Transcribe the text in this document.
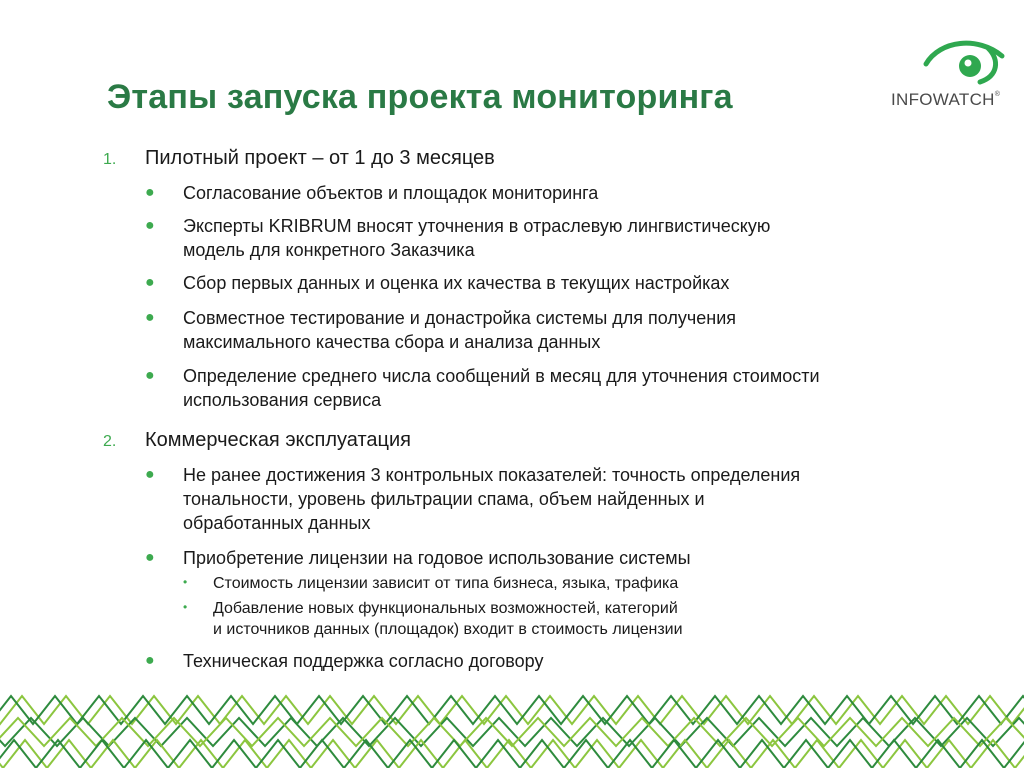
Этапы запуска проекта мониторинга	INFOWATCH®
1. Пилотный проект – от 1 до 3 месяцев
● Согласование объектов и площадок мониторинга
● Эксперты KRIBRUM вносят уточнения в отраслевую лингвистическую
модель для конкретного Заказчика
● Сбор первых данных и оценка их качества в текущих настройках
● Совместное тестирование и донастройка системы для получения
максимального качества сбора и анализа данных
● Определение среднего числа сообщений в месяц для уточнения стоимости
использования сервиса
2. Коммерческая эксплуатация
● Не ранее достижения 3 контрольных показателей: точность определения
тональности, уровень фильтрации спама, объем найденных и
обработанных данных
● Приобретение лицензии на годовое использование системы
• Стоимость лицензии зависит от типа бизнеса, языка, трафика
• Добавление новых функциональных возможностей, категорий
и источников данных (площадок) входит в стоимость лицензии
● Техническая поддержка согласно договору
